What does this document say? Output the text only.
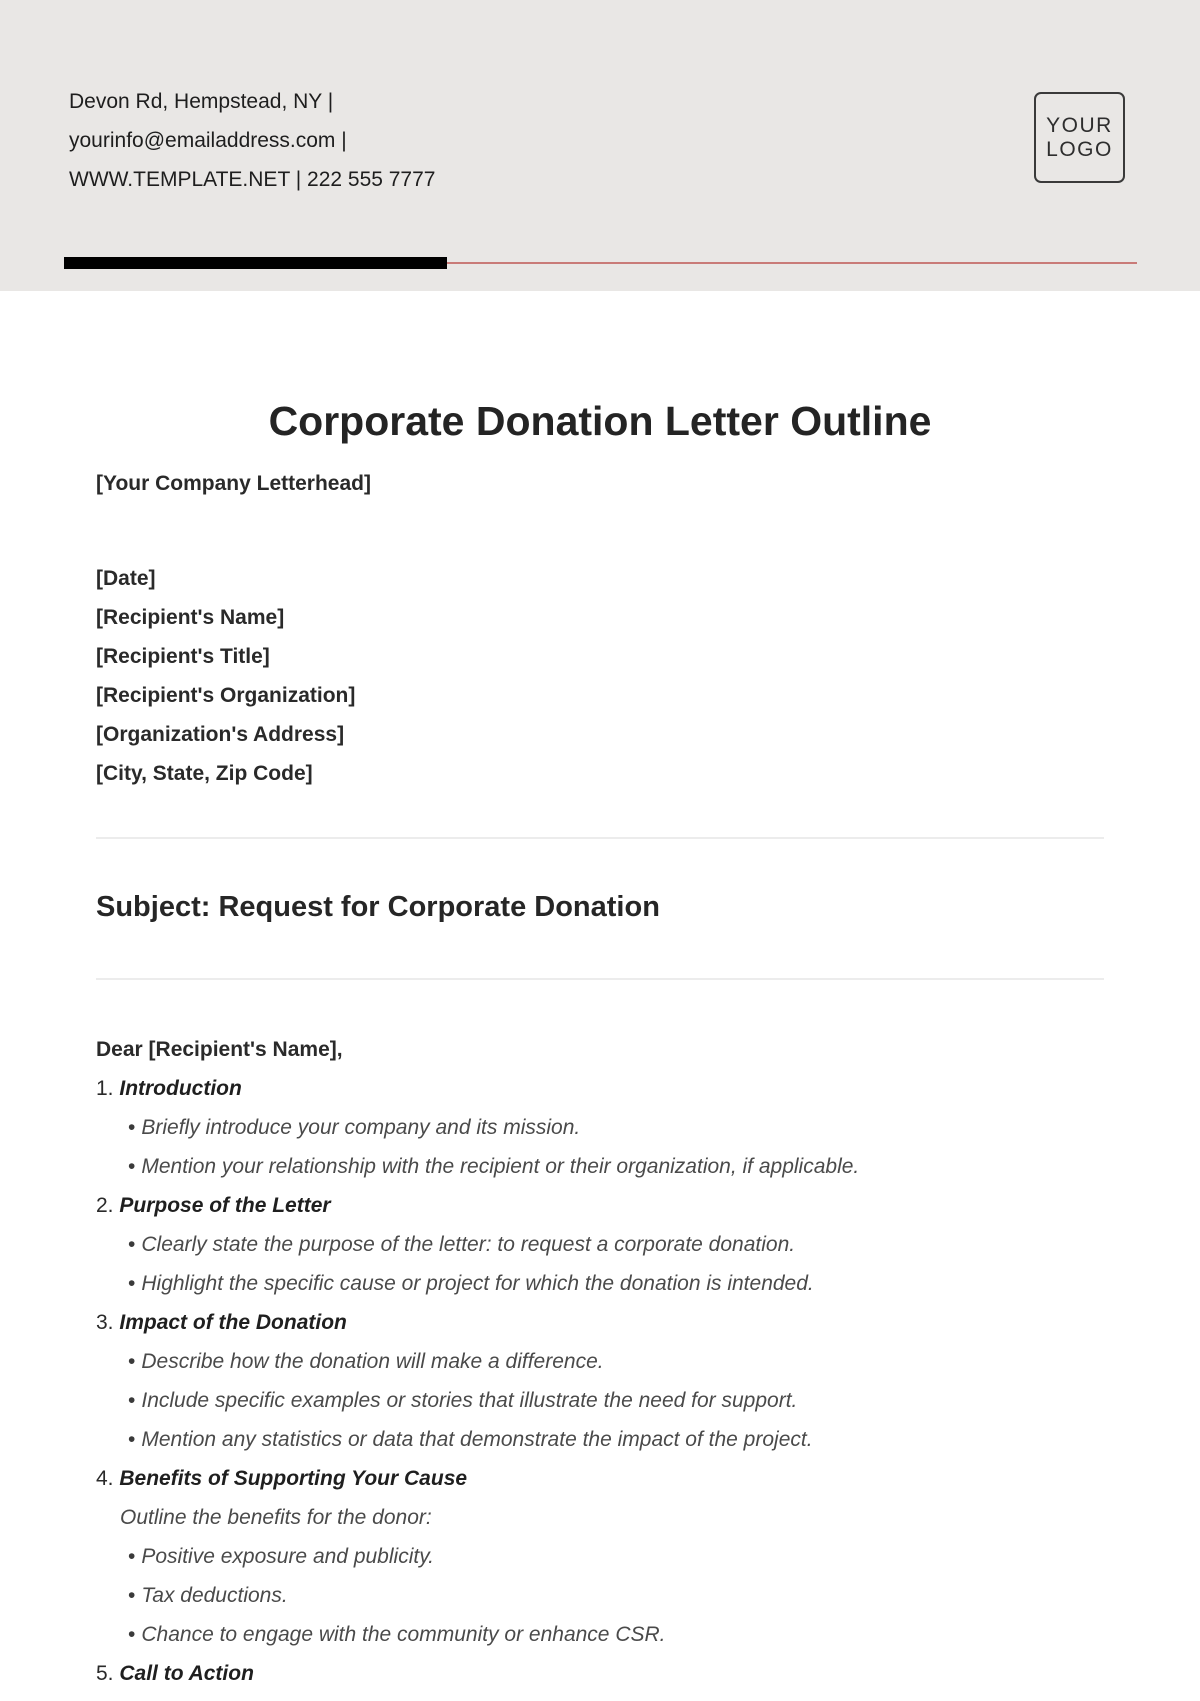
Devon Rd, Hempstead, NY |
yourinfo@emailaddress.com |
WWW.TEMPLATE.NET | 222 555 7777
YOUR
LOGO
Corporate Donation Letter Outline
[Your Company Letterhead]
[Date]
[Recipient's Name]
[Recipient's Title]
[Recipient's Organization]
[Organization's Address]
[City, State, Zip Code]
Subject: Request for Corporate Donation
Dear [Recipient's Name],
1. Introduction
• Briefly introduce your company and its mission.
• Mention your relationship with the recipient or their organization, if applicable.
2. Purpose of the Letter
• Clearly state the purpose of the letter: to request a corporate donation.
• Highlight the specific cause or project for which the donation is intended.
3. Impact of the Donation
• Describe how the donation will make a difference.
• Include specific examples or stories that illustrate the need for support.
• Mention any statistics or data that demonstrate the impact of the project.
4. Benefits of Supporting Your Cause
Outline the benefits for the donor:
• Positive exposure and publicity.
• Tax deductions.
• Chance to engage with the community or enhance CSR.
5. Call to Action
